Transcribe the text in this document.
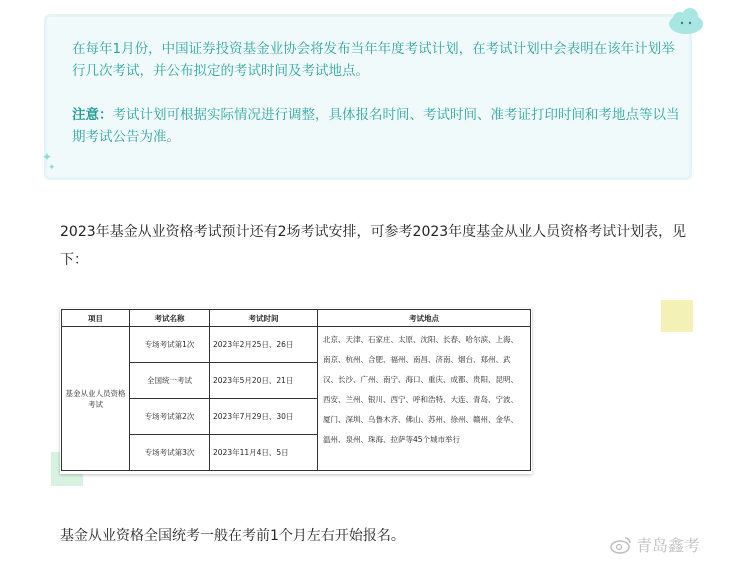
✦
✦

在每年1月份，中国证券投资基金业协会将发布当年年度考试计划，在考试计划中会表明在该年计划举行几次考试，并公布拟定的考试时间及考试地点。

注意：考试计划可根据实际情况进行调整，具体报名时间、考试时间、准考证打印时间和考地点等以当期考试公告为准。

2023年基金从业资格考试预计还有2场考试安排，可参考2023年度基金从业人员资格考试计划表，见下：
项目	考试名称	考试时间	考试地点
基金从业人员资格考试	专场考试第1次	2023年2月25日、26日	北京、天津、石家庄、太原、沈阳、长春、哈尔滨、上海、南京、杭州、合肥、福州、南昌、济南、烟台、郑州、武汉、长沙、广州、南宁、海口、重庆、成都、贵阳、昆明、西安、兰州、银川、西宁、呼和浩特、大连、青岛、宁波、厦门、深圳、乌鲁木齐、佛山、苏州、徐州、赣州、金华、温州、泉州、珠海、拉萨等45个城市举行
	全国统一考试	2023年5月20日、21日	
	专场考试第2次	2023年7月29日、30日	
	专场考试第3次	2023年11月4日、5日	
基金从业资格全国统考一般在考前1个月左右开始报名。	青岛鑫考
